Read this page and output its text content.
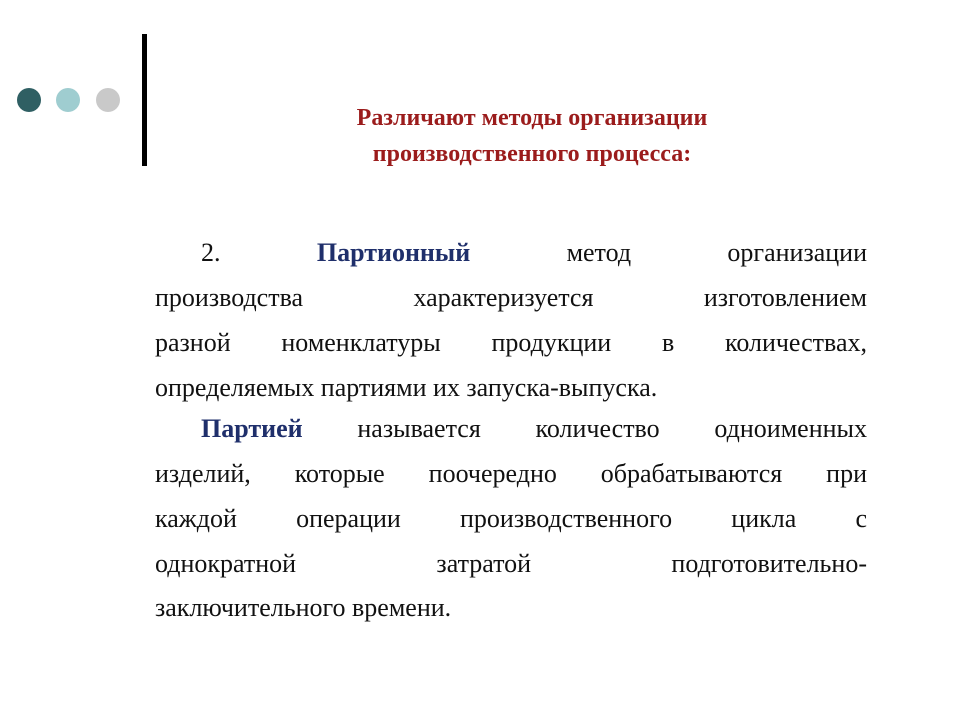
Различают методы организации
производственного процесса:
2.	Партионный	метод организации
производства характеризуется изготовлением
разной номенклатуры продукции в количествах,
определяемых партиями их запуска-выпуска.
Партией называется количество одноименных
изделий, которые поочередно обрабатываются при
каждой операции производственного цикла с
однократной затратой подготовительно-
заключительного времени.
